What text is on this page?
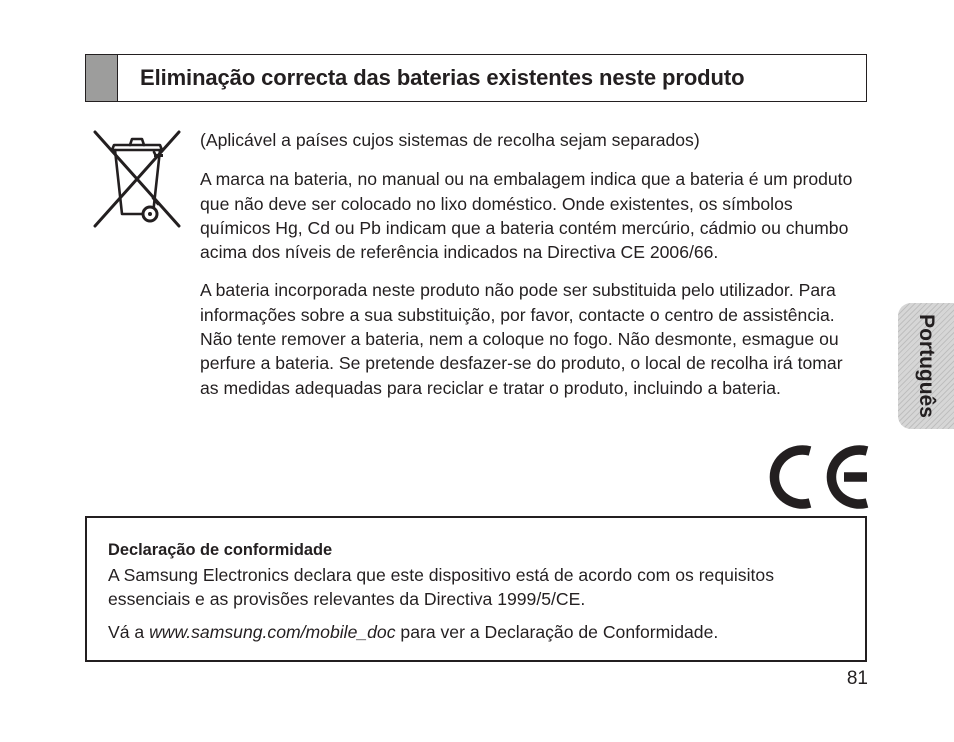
Eliminação correcta das baterias existentes neste produto

(Aplicável a países cujos sistemas de recolha sejam separados)

A marca na bateria, no manual ou na embalagem indica que a bateria é um produto que não deve ser colocado no lixo doméstico. Onde existentes, os símbolos químicos Hg, Cd ou Pb indicam que a bateria contém mercúrio, cádmio ou chumbo acima dos níveis de referência indicados na Directiva CE 2006/66.

A bateria incorporada neste produto não pode ser substituida pelo utilizador. Para informações sobre a sua substituição, por favor, contacte o centro de assistência. Não tente remover a bateria, nem a coloque no fogo. Não desmonte, esmague ou perfure a bateria. Se pretende desfazer-se do produto, o local de recolha irá tomar as medidas adequadas para reciclar e tratar o produto, incluindo a bateria.	Português
Declaração de conformidade
A Samsung Electronics declara que este dispositivo está de acordo com os requisitos essenciais e as provisões relevantes da Directiva 1999/5/CE.
Vá a www.samsung.com/mobile_doc para ver a Declaração de Conformidade.
81
